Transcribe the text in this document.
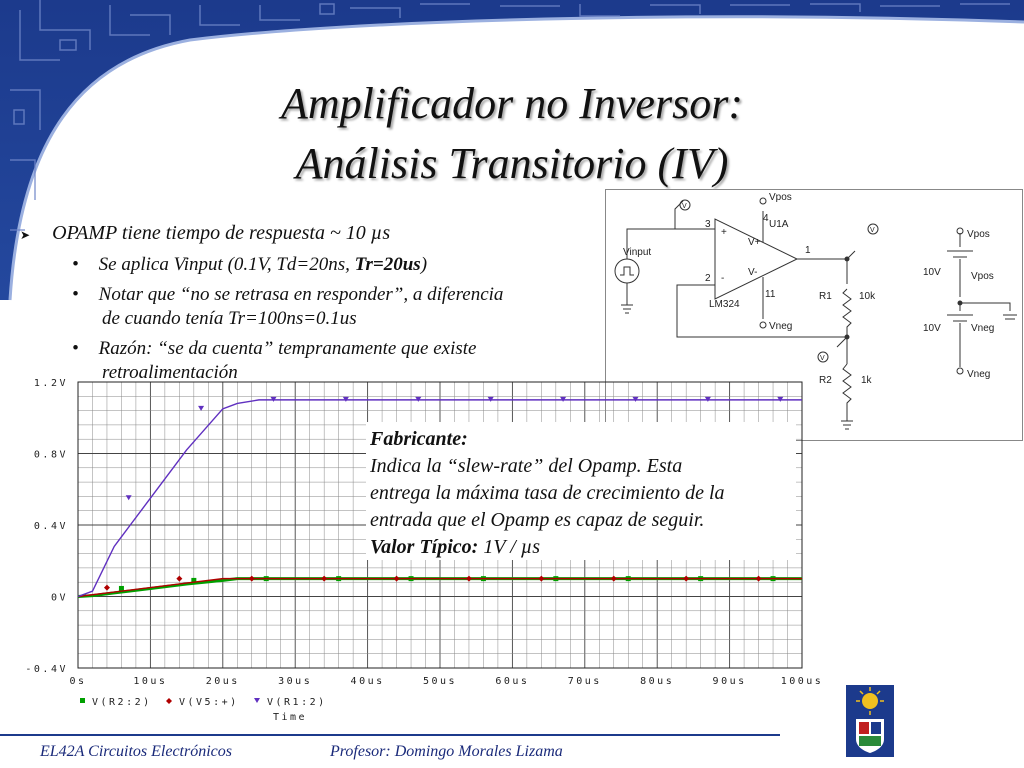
Amplificador no Inversor:
Análisis Transitorio (IV)
➤ OPAMP tiene tiempo de respuesta ~ 10 µs
• Se aplica Vinput (0.1V, Td=20ns, Tr=20us)
• Notar que “no se retrasa en responder”, a diferencia
de cuando tenía Tr=100ns=0.1us
• Razón: “se da cuenta” tempranamente que existe
retroalimentación
Vpos
Vneg
U1A
LM324
3
2
4
11
1
+
-
V+
V-
Vinput
R1	10k
R2	1k
10V
10V
Vpos
Vpos
Vneg
Vneg
V
V
V
0s	10us	20us	30us	40us	50us	60us	70us	80us	90us	100us
1.2V
0.8V
0.4V
0V
-0.4V
V(R2:2)	V(V5:+)	V(R1:2)
Time
Fabricante:
Indica la “slew-rate” del Opamp. Esta
entrega la máxima tasa de crecimiento de la
entrada que el Opamp es capaz de seguir.
Valor Típico: 1V / µs
EL42A Circuitos Electrónicos	Profesor: Domingo Morales Lizama
